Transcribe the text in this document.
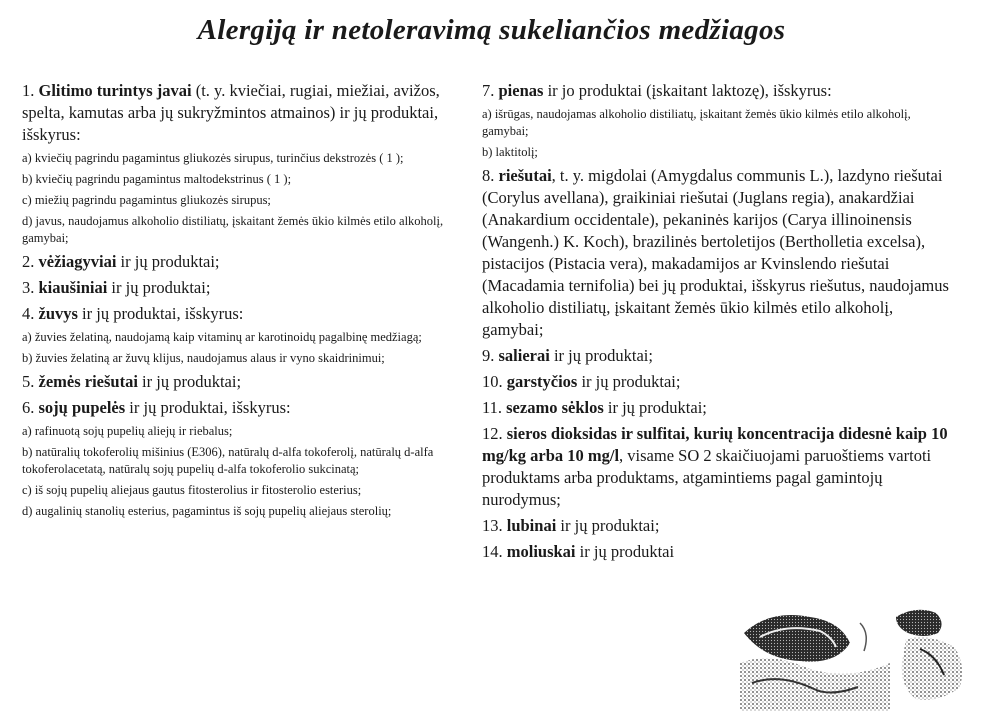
Alergiją ir netoleravimą sukeliančios medžiagos

1. Glitimo turintys javai (t. y. kviečiai, rugiai, miežiai, avižos, spelta, kamutas arba jų sukryžmintos atmainos) ir jų produktai, išskyrus:

a) kviečių pagrindu pagamintus gliukozės sirupus, turinčius dekstrozės ( 1 );

b) kviečių pagrindu pagamintus maltodekstrinus ( 1 );

c) miežių pagrindu pagamintus gliukozės sirupus;

d) javus, naudojamus alkoholio distiliatų, įskaitant žemės ūkio kilmės etilo alkoholį, gamybai;

2. vėžiagyviai ir jų produktai;

3. kiaušiniai ir jų produktai;

4. žuvys ir jų produktai, išskyrus:

a) žuvies želatiną, naudojamą kaip vitaminų ar karotinoidų pagalbinę medžiagą;

b) žuvies želatiną ar žuvų klijus, naudojamus alaus ir vyno skaidrinimui;

5. žemės riešutai ir jų produktai;

6. sojų pupelės ir jų produktai, išskyrus:

a) rafinuotą sojų pupelių aliejų ir riebalus;

b) natūralių tokoferolių mišinius (E306), natūralų d-alfa tokoferolį, natūralų d-alfa tokoferolacetatą, natūralų sojų pupelių d-alfa tokoferolio sukcinatą;

c) iš sojų pupelių aliejaus gautus fitosterolius ir fitosterolio esterius;

d) augalinių stanolių esterius, pagamintus iš sojų pupelių aliejaus sterolių;

7. pienas ir jo produktai (įskaitant laktozę), išskyrus:

a) išrūgas, naudojamas alkoholio distiliatų, įskaitant žemės ūkio kilmės etilo alkoholį, gamybai;

b) laktitolį;

8. riešutai, t. y. migdolai (Amygdalus communis L.), lazdyno riešutai (Corylus avellana), graikiniai riešutai (Juglans regia), anakardžiai (Anakardium occidentale), pekaninės karijos (Carya illinoinensis (Wangenh.) K. Koch), brazilinės bertoletijos (Bertholletia excelsa), pistacijos (Pistacia vera), makadamijos ar Kvinslendo riešutai (Macadamia ternifolia) bei jų produktai, išskyrus riešutus, naudojamus alkoholio distiliatų, įskaitant žemės ūkio kilmės etilo alkoholį, gamybai;

9. salierai ir jų produktai;

10. garstyčios ir jų produktai;

11. sezamo sėklos ir jų produktai;

12. sieros dioksidas ir sulfitai, kurių koncentracija didesnė kaip 10 mg/kg arba 10 mg/l, visame SO 2 skaičiuojami paruoštiems vartoti produktams arba produktams, atgamintiems pagal gamintojų nurodymus;

13. lubinai ir jų produktai;

14. moliuskai ir jų produktai
